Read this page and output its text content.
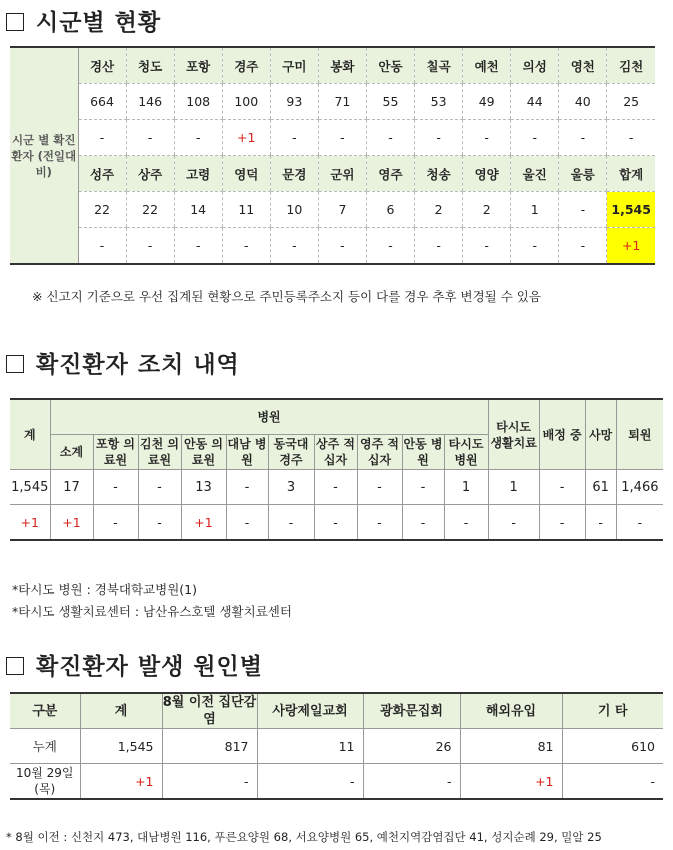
시군별 현황
시군 별 확진환자 (전일대비)	경산	청도	포항	경주	구미	봉화	안동	칠곡	예천	의성	영천	김천
	664	146	108	100	93	71	55	53	49	44	40	25
	-	-	-	+1	-	-	-	-	-	-	-	-
	성주	상주	고령	영덕	문경	군위	영주	청송	영양	울진	울릉	합계
	22	22	14	11	10	7	6	2	2	1	-	1,545
	-	-	-	-	-	-	-	-	-	-	-	+1
※ 신고지 기준으로 우선 집계된 현황으로 주민등록주소지 등이 다를 경우 추후 변경될 수 있음
확진환자 조치 내역
계	병원										타시도 생활치료	배정 중	사망	퇴원
	소계	포항 의료원	김천 의료원	안동 의료원	대남 병원	동국대 경주	상주 적십자	영주 적십자	안동 병원	타시도 병원				
1,545	17	-	-	13	-	3	-	-	-	1	1	-	61	1,466
+1	+1	-	-	+1	-	-	-	-	-	-	-	-	-	-
*타시도 병원 : 경북대학교병원(1)
*타시도 생활치료센터 : 남산유스호텔 생활치료센터
확진환자 발생 원인별
구분	계	8월 이전 집단감염	사랑제일교회	광화문집회	해외유입	기 타
누계	1,545	817	11	26	81	610
10월 29일 (목)	+1	-	-	-	+1	-
* 8월 이전 : 신천지 473, 대남병원 116, 푸른요양원 68, 서요양병원 65, 예천지역감염집단 41, 성지순례 29, 밀알 25
